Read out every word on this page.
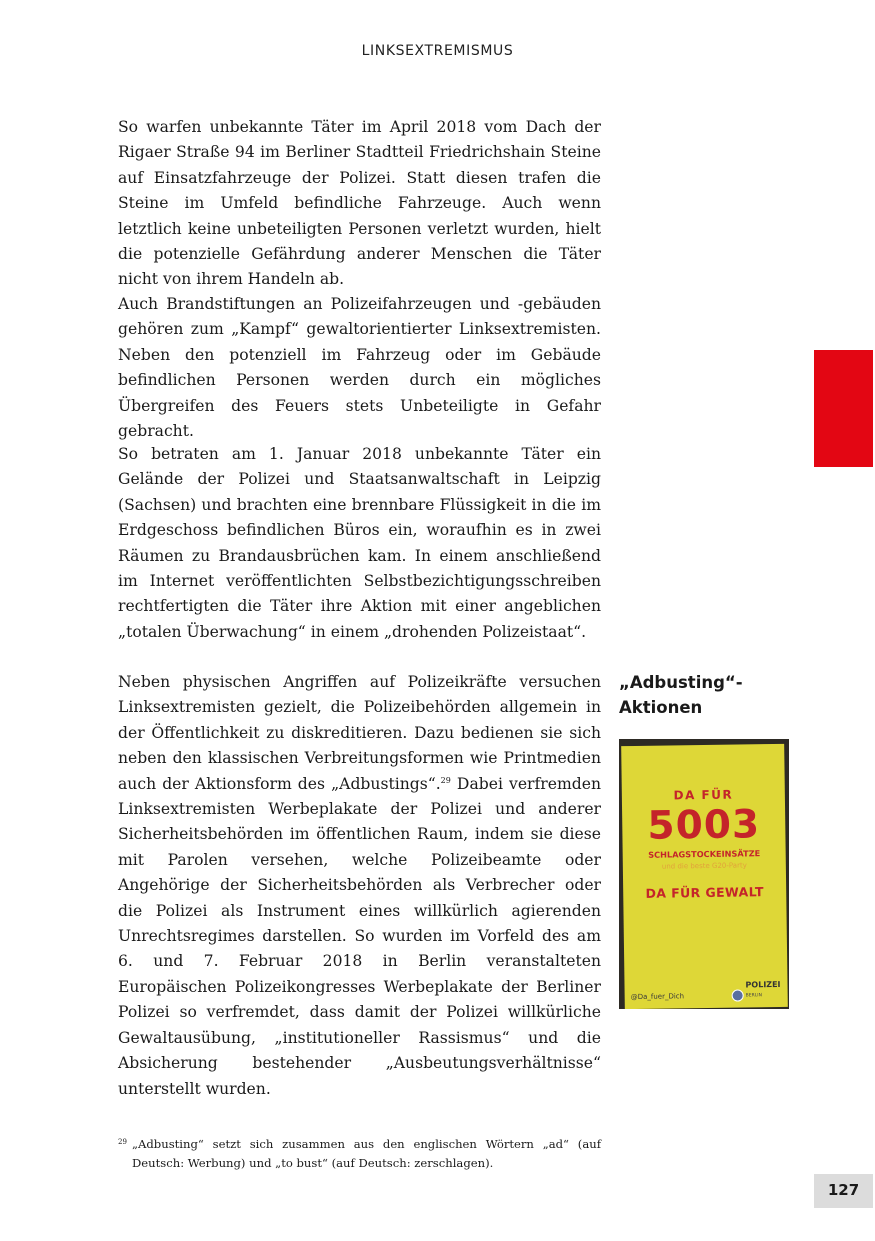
LINKSEXTREMISMUS

So warfen unbekannte Täter im April 2018 vom Dach der Rigaer Straße 94 im Berliner Stadtteil Friedrichshain Steine auf Einsatzfahrzeuge der Polizei. Statt diesen trafen die Steine im Umfeld befindliche Fahrzeuge. Auch wenn letztlich keine unbeteiligten Personen verletzt wurden, hielt die potenzielle Gefährdung anderer Menschen die Täter nicht von ihrem Handeln ab.

Auch Brandstiftungen an Polizeifahrzeugen und -gebäuden gehören zum „Kampf“ gewaltorientierter Linksextremisten. Neben den potenziell im Fahrzeug oder im Gebäude befindlichen Personen werden durch ein mögliches Übergreifen des Feuers stets Unbeteiligte in Gefahr gebracht.

So betraten am 1. Januar 2018 unbekannte Täter ein Gelände der Polizei und Staatsanwaltschaft in Leipzig (Sachsen) und brachten eine brennbare Flüssigkeit in die im Erdgeschoss befindlichen Büros ein, woraufhin es in zwei Räumen zu Brandausbrüchen kam. In einem anschließend im Internet veröffentlichten Selbstbezichtigungsschreiben rechtfertigten die Täter ihre Aktion mit einer angeblichen „totalen Überwachung“ in einem „drohenden Polizeistaat“.

Neben physischen Angriffen auf Polizeikräfte versuchen Linksextremisten gezielt, die Polizeibehörden allgemein in der Öffentlichkeit zu diskreditieren. Dazu bedienen sie sich neben den klassischen Verbreitungsformen wie Printmedien auch der Aktionsform des „Adbustings“.$^{29}$ Dabei verfremden Linksextremisten Werbeplakate der Polizei und anderer Sicherheitsbehörden im öffentlichen Raum, indem sie diese mit Parolen versehen, welche Polizeibeamte oder Angehörige der Sicherheitsbehörden als Verbrecher oder die Polizei als Instrument eines willkürlich agierenden Unrechtsregimes darstellen. So wurden im Vorfeld des am 6. und 7. Februar 2018 in Berlin veranstalteten Europäischen Polizeikongresses Werbeplakate der Berliner Polizei so verfremdet, dass damit der Polizei willkürliche Gewaltausübung, „institutioneller Rassismus“ und die Absicherung bestehender „Ausbeutungsverhältnisse“ unterstellt wurden.

„Adbusting“-Aktionen
DA FÜR
5003
SCHLAGSTOCKEINSÄTZE
und die beste G20-Party
DA FÜR GEWALT
@Da_fuer_Dich
POLIZEI
BERLIN
29 „Adbusting“ setzt sich zusammen aus den englischen Wörtern „ad“ (auf Deutsch: Werbung) und „to bust“ (auf Deutsch: zerschlagen).
127
